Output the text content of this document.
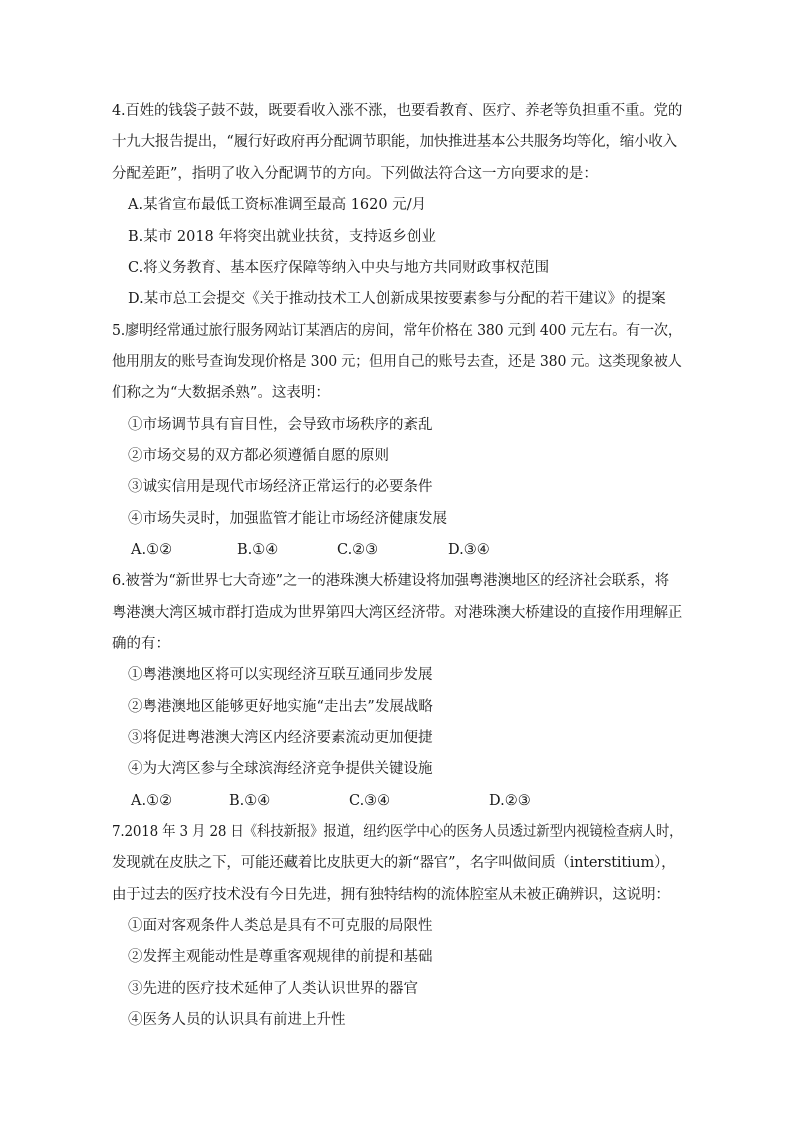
4.百姓的钱袋子鼓不鼓，既要看收入涨不涨，也要看教育、医疗、养老等负担重不重。党的
十九大报告提出，“履行好政府再分配调节职能，加快推进基本公共服务均等化，缩小收入
分配差距”，指明了收入分配调节的方向。下列做法符合这一方向要求的是：
A.某省宣布最低工资标准调至最高 1620 元/月
B.某市 2018 年将突出就业扶贫，支持返乡创业
C.将义务教育、基本医疗保障等纳入中央与地方共同财政事权范围
D.某市总工会提交《关于推动技术工人创新成果按要素参与分配的若干建议》的提案
5.廖明经常通过旅行服务网站订某酒店的房间，常年价格在 380 元到 400 元左右。有一次，
他用朋友的账号查询发现价格是 300 元；但用自己的账号去查，还是 380 元。这类现象被人
们称之为“大数据杀熟”。这表明：
①市场调节具有盲目性，会导致市场秩序的紊乱
②市场交易的双方都必须遵循自愿的原则
③诚实信用是现代市场经济正常运行的必要条件
④市场失灵时，加强监管才能让市场经济健康发展
A.①②	B.①④	C.②③	D.③④
6.被誉为“新世界七大奇迹”之一的港珠澳大桥建设将加强粤港澳地区的经济社会联系，将
粤港澳大湾区城市群打造成为世界第四大湾区经济带。对港珠澳大桥建设的直接作用理解正
确的有：
①粤港澳地区将可以实现经济互联互通同步发展
②粤港澳地区能够更好地实施“走出去”发展战略
③将促进粤港澳大湾区内经济要素流动更加便捷
④为大湾区参与全球滨海经济竞争提供关键设施
A.①②	B.①④	C.③④	D.②③
7.2018 年 3 月 28 日《科技新报》报道，纽约医学中心的医务人员透过新型内视镜检查病人时，
发现就在皮肤之下，可能还藏着比皮肤更大的新“器官”，名字叫做间质（interstitium），
由于过去的医疗技术没有今日先进，拥有独特结构的流体腔室从未被正确辨识，这说明：
①面对客观条件人类总是具有不可克服的局限性
②发挥主观能动性是尊重客观规律的前提和基础
③先进的医疗技术延伸了人类认识世界的器官
④医务人员的认识具有前进上升性
